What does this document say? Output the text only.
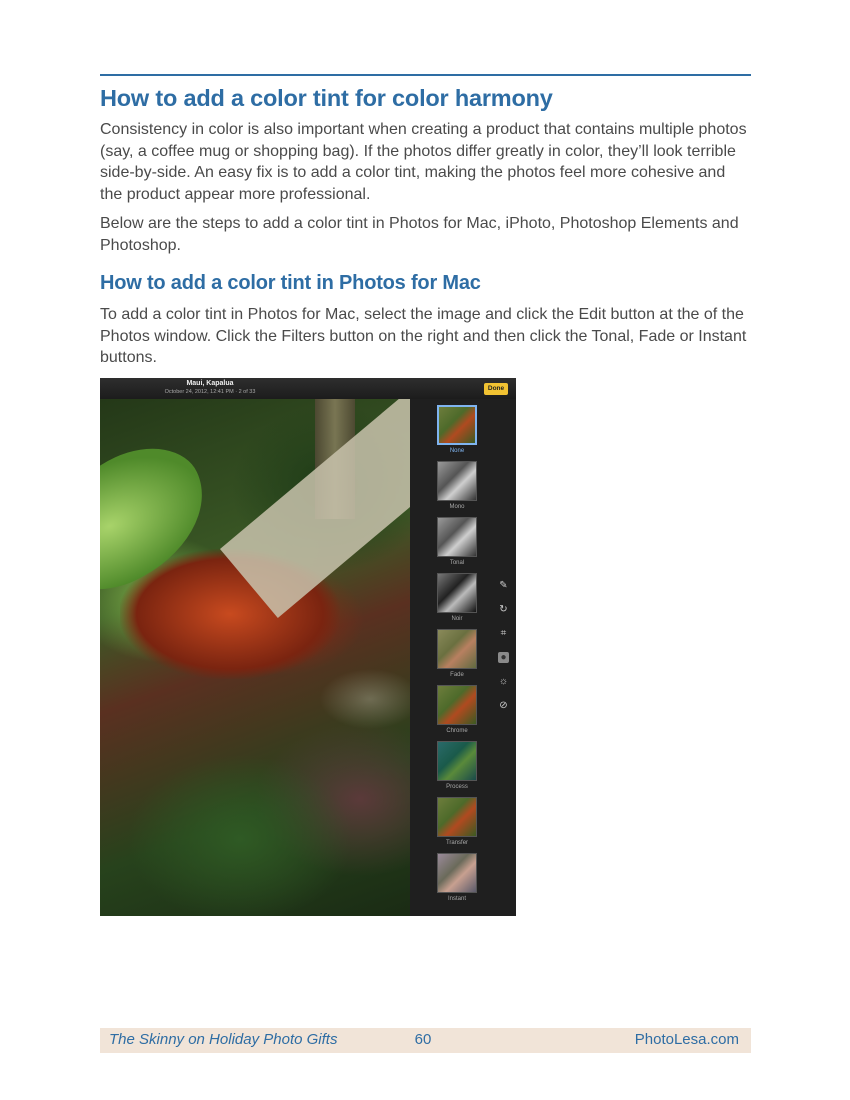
How to add a color tint for color harmony

Consistency in color is also important when creating a product that contains multiple photos (say, a coffee mug or shopping bag). If the photos differ greatly in color, they’ll look terrible side-by-side. An easy fix is to add a color tint, making the photos feel more cohesive and the product appear more professional.

Below are the steps to add a color tint in Photos for Mac, iPhoto, Photoshop Elements and Photoshop.

How to add a color tint in Photos for Mac

To add a color tint in Photos for Mac, select the image and click the Edit button at the of the Photos window. Click the Filters button on the right and then click the Tonal, Fade or Instant buttons.

Maui, Kapalua
October 24, 2012, 12:41 PM · 2 of 33	Done
None
Mono
Tonal
Noir
Fade
Chrome
Process
Transfer
Instant
✎
↻
⌗
●
☼
⊘
The Skinny on Holiday Photo Gifts	60	PhotoLesa.com
